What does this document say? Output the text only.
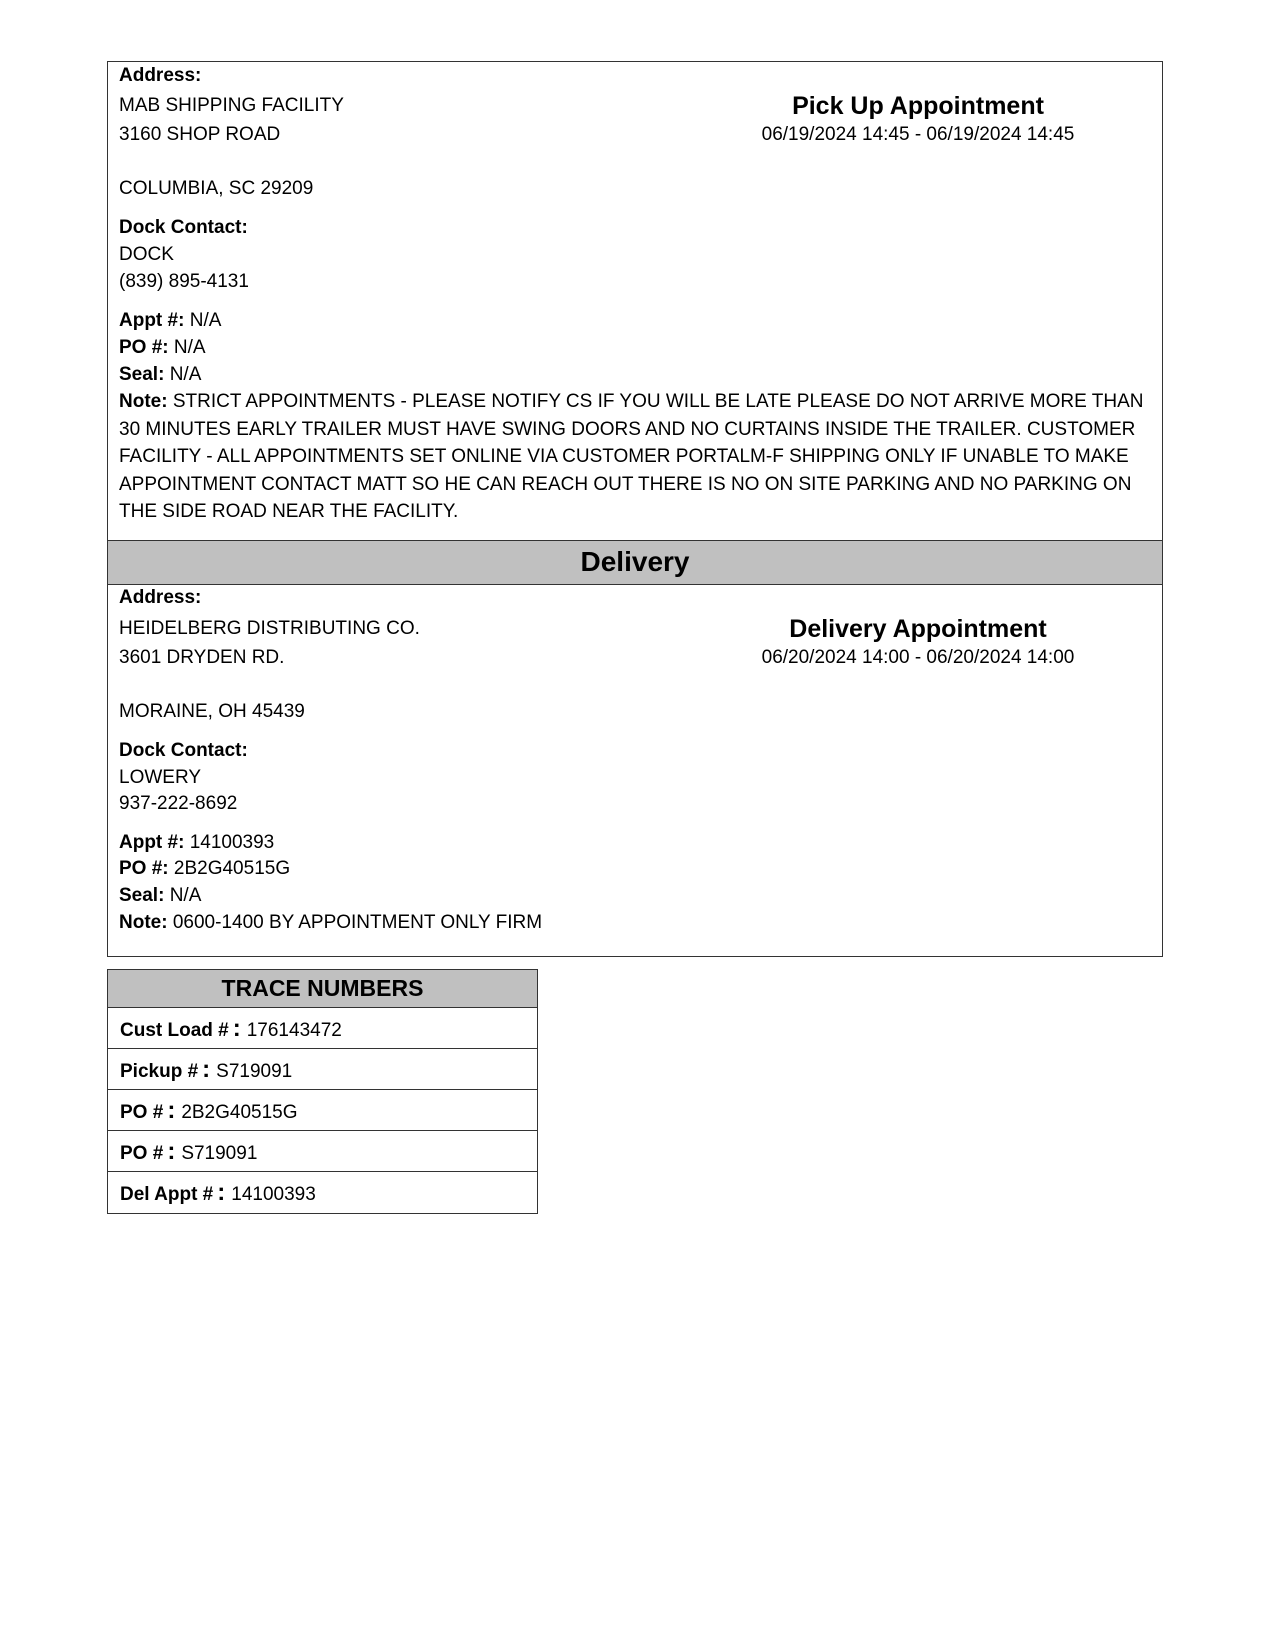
Address:
MAB SHIPPING FACILITY
3160 SHOP ROAD
COLUMBIA, SC 29209
Pick Up Appointment
06/19/2024 14:45 - 06/19/2024 14:45
Dock Contact:
DOCK
(839) 895-4131
Appt #: N/A
PO #: N/A
Seal: N/A
Note: STRICT APPOINTMENTS - PLEASE NOTIFY CS IF YOU WILL BE LATE PLEASE DO NOT ARRIVE MORE THAN 30 MINUTES EARLY TRAILER MUST HAVE SWING DOORS AND NO CURTAINS INSIDE THE TRAILER. CUSTOMER FACILITY - ALL APPOINTMENTS SET ONLINE VIA CUSTOMER PORTALM-F SHIPPING ONLY IF UNABLE TO MAKE APPOINTMENT CONTACT MATT SO HE CAN REACH OUT THERE IS NO ON SITE PARKING AND NO PARKING ON THE SIDE ROAD NEAR THE FACILITY.
Delivery
Address:
HEIDELBERG DISTRIBUTING CO.
3601 DRYDEN RD.
MORAINE, OH 45439
Delivery Appointment
06/20/2024 14:00 - 06/20/2024 14:00
Dock Contact:
LOWERY
937-222-8692
Appt #: 14100393
PO #: 2B2G40515G
Seal: N/A
Note: 0600-1400 BY APPOINTMENT ONLY FIRM
TRACE NUMBERS
Cust Load # : 176143472
Pickup # : S719091
PO # : 2B2G40515G
PO # : S719091
Del Appt # : 14100393
